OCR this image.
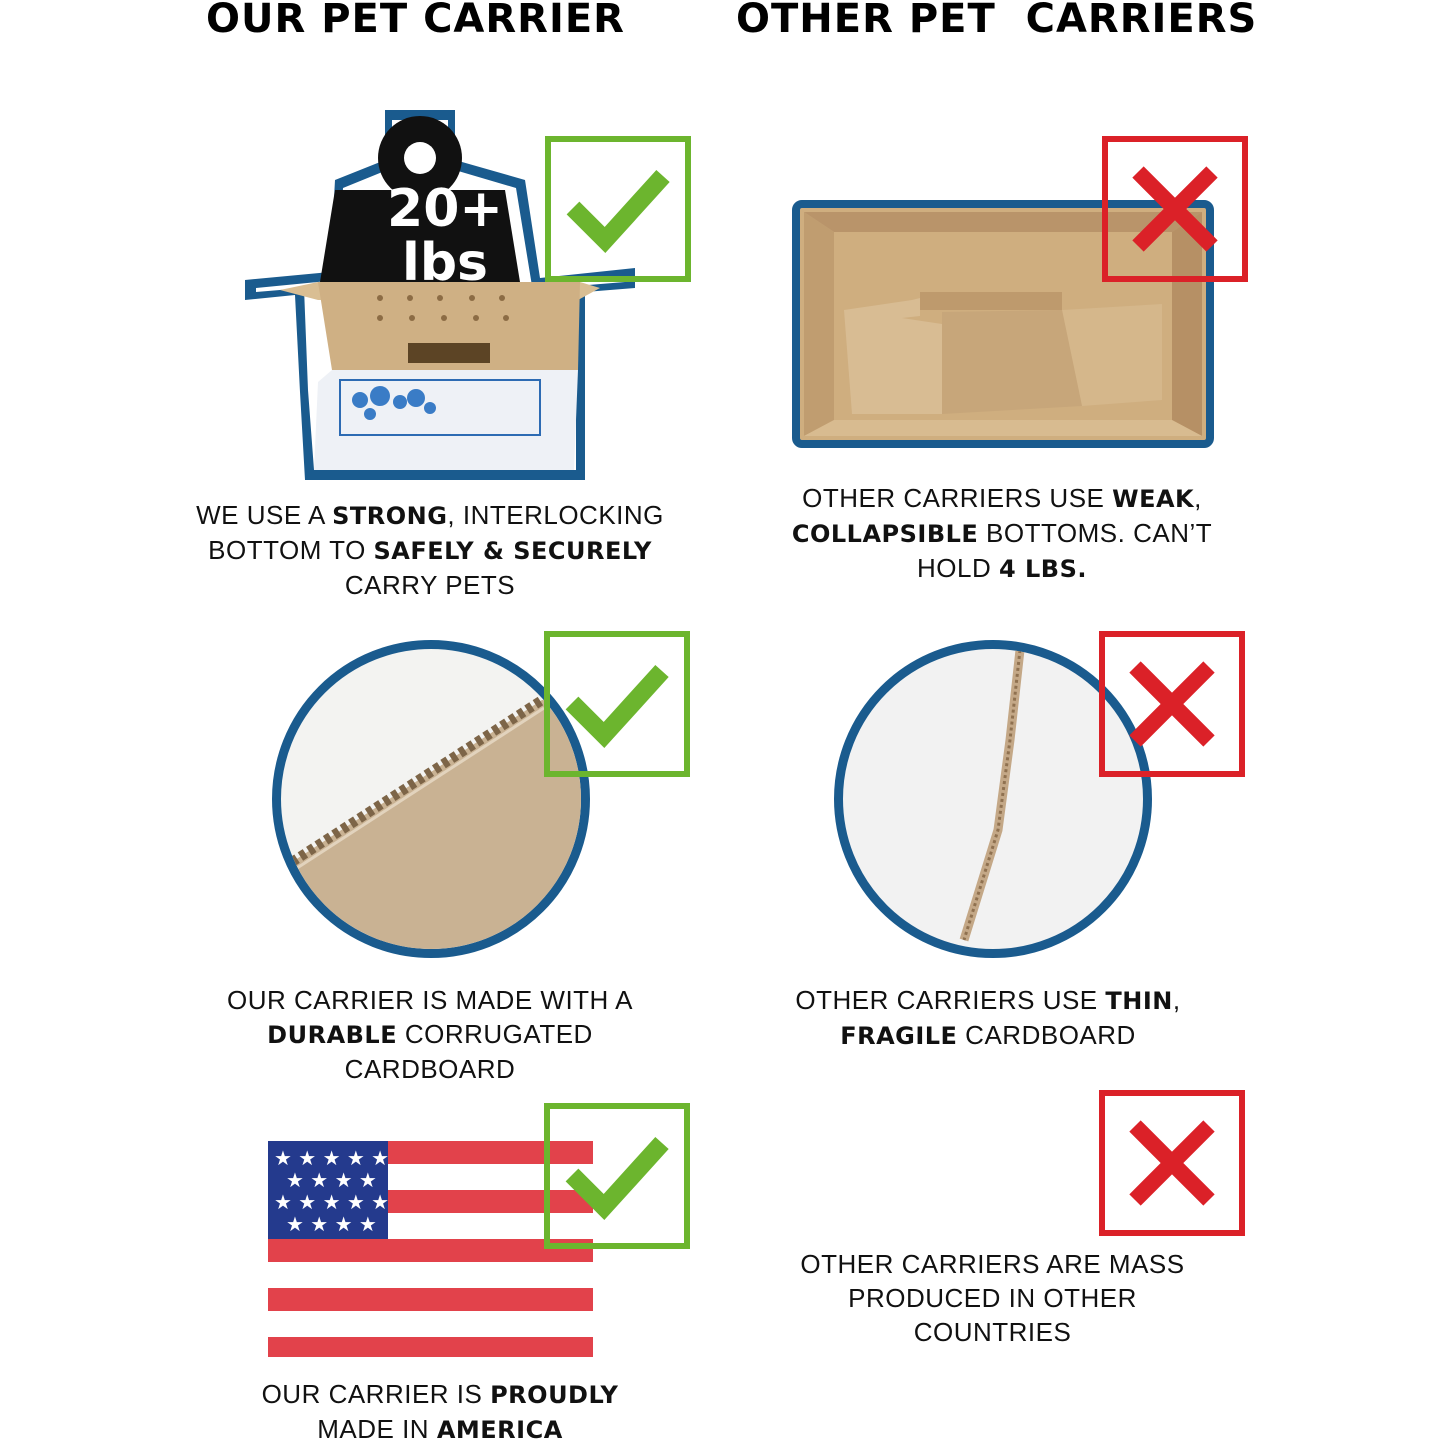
OUR PET CARRIER	OTHER PET  CARRIERS
20+
lbs
WE USE A STRONG, INTERLOCKING BOTTOM TO SAFELY & SECURELY CARRY PETS
OTHER CARRIERS USE WEAK, COLLAPSIBLE BOTTOMS. CAN’T HOLD 4 LBS.
OUR CARRIER IS MADE WITH A DURABLE CORRUGATED CARDBOARD
OTHER CARRIERS USE THIN, FRAGILE CARDBOARD
★ ★ ★ ★ ★
★ ★ ★ ★
★ ★ ★ ★ ★
★ ★ ★ ★
OUR CARRIER IS PROUDLY MADE IN AMERICA
OTHER CARRIERS ARE MASS PRODUCED IN OTHER COUNTRIES
